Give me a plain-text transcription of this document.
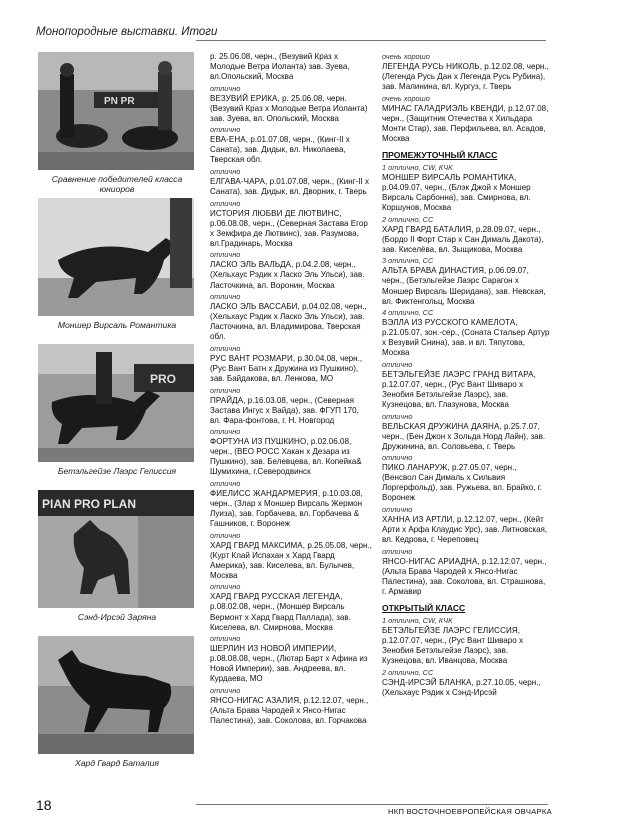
Монопородные выставки. Итоги
PN PR
Сравнение победителей класса юниоров
Моншер Вирсаль Романтика
PRO
Бетэльгейзе Лаэрс Гелиссия
PIAN PRO PLAN
Сэнд-Ирсэй Заряна
Хард Гвард Баталия
р. 25.06.08, черн., (Везувий Краз х Молодые Ветра Иоланта) зав. Зуева, вл.Опольский, Москва
отлично
ВЕЗУВИЙ ЕРИКА, р. 25.06.08, черн. (Везувий Краз х Молодые Ветра Иоланта) зав. Зуева, вл. Опольский, Москва
отлично
ЕВА-ЕНА, р.01.07.08, черн., (Кинг-II х Саната), зав. Дидык, вл. Николаева, Тверская обл.
отлично
ЕЛГАВА-ЧАРА, р.01.07.08, черн., (Кинг-II х Саната), зав. Дидык, вл. Дворник, г. Тверь
отлично
ИСТОРИЯ ЛЮБВИ ДЕ ЛЮТВИНС, р.06.08.08, черн., (Северная Застава Егор х Земфира де Лютвинс), зав. Разумова, вл.Градинарь, Москва
отлично
ЛАСКО ЭЛЬ ВАЛЬДА, р.04.2.08, черн., (Хельхаус Рэдик х Ласко Эль Ульси), зав. Ласточкина, вл. Воронин, Москва
отлично
ЛАСКО ЭЛЬ ВАССАБИ, р.04.02.08, черн., (Хельхаус Рэдик х Ласко Эль Ульси), зав. Ласточкина, вл. Владимирова, Тверская обл.
отлично
РУС ВАНТ РОЗМАРИ, р.30.04.08, черн., (Рус Вант Батн х Дружина из Пушкино), зав. Байдакова, вл. Ленкова, МО
отлично
ПРАЙДА, р.16.03.08, черн., (Северная Застава Ингус х Вайда), зав. ФГУП 170, вл. Фара-фонтова, г. Н. Новгород
отлично
ФОРТУНА ИЗ ПУШКИНО, р.02.06.08, черн., (ВЕО РОСС Хакан х Дезара из Пушкино), зав. Белевцева, вл. Копейка& Шумихина, г.Северодвинск
отлично
ФИЕЛИСС ЖАНДАРМЕРИЯ, р.10.03.08, черн., (Злар х Моншер Вирсаль Жермон Луиза), зав. Горбачева, вл. Горбачева & Гашников, г. Воронеж
отлично
ХАРД ГВАРД МАКСИМА, р.25.05.08, черн., (Курт Клай Испахан х Хард Гвард Америка), зав. Киселева, вл. Булычев, Москва
отлично
ХАРД ГВАРД РУССКАЯ ЛЕГЕНДА, р.08.02.08, черн., (Моншер Вирсаль Вермонт х Хард Гвард Паллада), зав. Киселева, вл. Смирнова, Москва
отлично
ШЕРЛИН ИЗ НОВОЙ ИМПЕРИИ, р.08.08.08, черн., (Лютар Барт х Афина из Новой Империи), зав. Андреева, вл. Курдаева, МО
отлично
ЯНСО-НИГАС АЗАЛИЯ, р.12.12.07, черн., (Альта Брава Чародей х Янсо-Нигас Палестина), зав. Соколова, вл. Горчакова
очень хорошо
ЛЕГЕНДА РУСЬ НИКОЛЬ, р.12.02.08, черн., (Легенда Русь Дан х Легенда Русь Рубина), зав. Малинина, вл. Кургуз, г. Тверь
очень хорошо
МИНАС ГАЛАДРИЭЛЬ КВЕНДИ, р.12.07.08, черн., (Защитник Отечества х Хильдара Монти Стар), зав. Перфильева, вл. Асадов, Москва
ПРОМЕЖУТОЧНЫЙ КЛАСС
1 отлично, CW, КЧК
МОНШЕР ВИРСАЛЬ РОМАНТИКА, р.04.09.07, черн., (Блэк Джой х Моншер Вирсаль Сарбонна), зав. Смирнова, вл. Коршунов, Москва
2 отлично, СС
ХАРД ГВАРД БАТАЛИЯ, р.28.09.07, черн., (Бордо II Форт Стар х Сан Дималь Дакота), зав. Киселёва, вл. Зыщикова, Москва
3 отлично, СС
АЛЬТА БРАВА ДИНАСТИЯ, р.06.09.07, черн., (Бетэльгейзе Лаэрс Сарагон х Моншер Вирсаль Шеридана), зав. Невская, вл. Фиктенгольц, Москва
4 отлично, СС
ВЭЛЛА ИЗ РУССКОГО КАМЕЛОТА, р.21.05.07, зон.-сер., (Соната Стальер Артур х Везувий Снина), зав. и вл. Тяпутова, Москва
отлично
БЕТЭЛЬГЕЙЗЕ ЛАЭРС ГРАНД ВИТАРА, р.12.07.07, черн., (Рус Вант Шиваро х Зенобия Бетэльгейзе Лаэрс), зав. Кузнецова, вл. Глазунова, Москва
отлично
ВЕЛЬСКАЯ ДРУЖИНА ДАЯНА, р.25.7.07, черн., (Бен Джон х Зольда Норд Лайн), зав. Дружинина, вл. Соловьева, г. Тверь
отлично
ПИКО ЛАНАРУЖ, р.27.05.07, черн., (Венсвол Сан Дималь х Сильвия Лоргерфольд), зав. Ружьева, вл. Брайко, г. Воронеж
отлично
ХАННА ИЗ АРТЛИ, р.12.12.07, черн., (Кейт Арти х Арфа Клаудис Урс), зав. Литновская, вл. Кедрова, г. Череповец
отлично
ЯНСО-НИГАС АРИАДНА, р.12.12.07, черн., (Альта Брава Чародей х Янсо-Нигас Палестина), зав. Соколова, вл. Страшнова, г. Армавир
ОТКРЫТЫЙ КЛАСС
1 отлично, CW, КЧК
БЕТЭЛЬГЕЙЗЕ ЛАЭРС ГЕЛИССИЯ, р.12.07.07, черн., (Рус Вант Шиваро х Зенобия Бетэльгейзе Лаэрс), зав. Кузнецова, вл. Иванцова, Москва
2 отлично, СС
СЭНД-ИРСЭЙ БЛАНКА, р.27.10.05, черн., (Хельхаус Рэдик х Сэнд-Ирсэй
18	НКП ВОСТОЧНОЕВРОПЕЙСКАЯ ОВЧАРКА
